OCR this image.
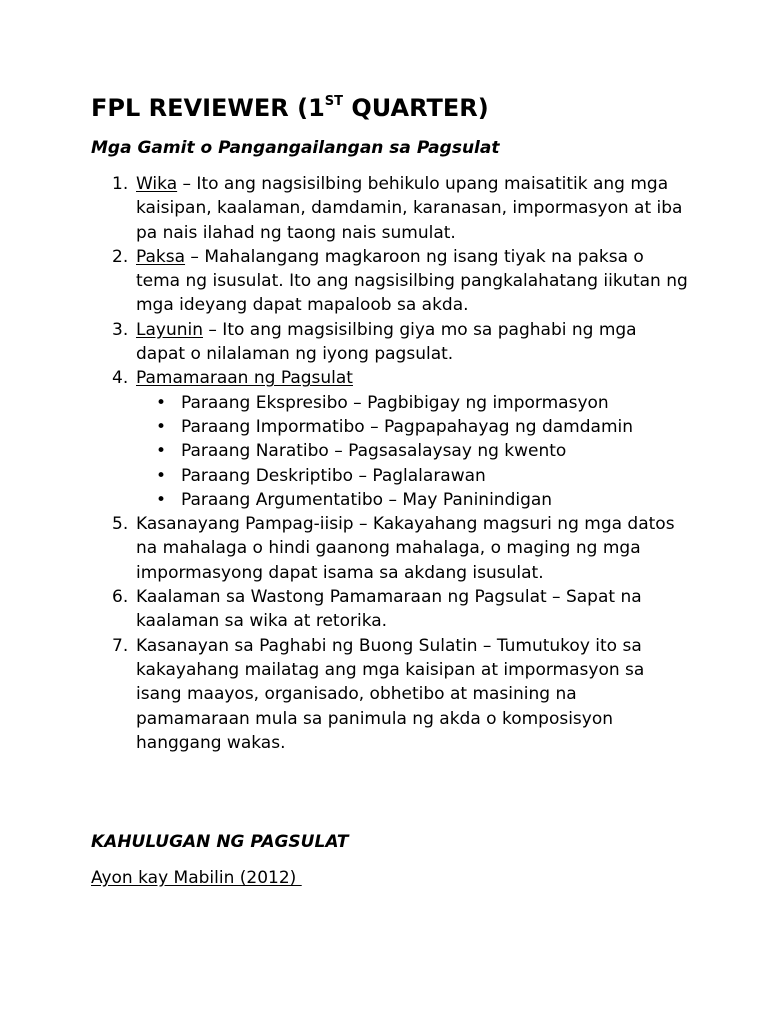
FPL REVIEWER (1ST QUARTER)
Mga Gamit o Pangangailangan sa Pagsulat
1. Wika – Ito ang nagsisilbing behikulo upang maisatitik ang mga kaisipan, kaalaman, damdamin, karanasan, impormasyon at iba pa nais ilahad ng taong nais sumulat.
2. Paksa – Mahalangang magkaroon ng isang tiyak na paksa o tema ng isusulat. Ito ang nagsisilbing pangkalahatang iikutan ng mga ideyang dapat mapaloob sa akda.
3. Layunin – Ito ang magsisilbing giya mo sa paghabi ng mga dapat o nilalaman ng iyong pagsulat.
4. Pamamaraan ng Pagsulat
• Paraang Ekspresibo – Pagbibigay ng impormasyon
• Paraang Impormatibo – Pagpapahayag ng damdamin
• Paraang Naratibo – Pagsasalaysay ng kwento
• Paraang Deskriptibo – Paglalarawan
• Paraang Argumentatibo – May Paninindigan
5. Kasanayang Pampag-iisip – Kakayahang magsuri ng mga datos na mahalaga o hindi gaanong mahalaga, o maging ng mga impormasyong dapat isama sa akdang isusulat.
6. Kaalaman sa Wastong Pamamaraan ng Pagsulat – Sapat na kaalaman sa wika at retorika.
7. Kasanayan sa Paghabi ng Buong Sulatin – Tumutukoy ito sa kakayahang mailatag ang mga kaisipan at impormasyon sa isang maayos, organisado, obhetibo at masining na pamamaraan mula sa panimula ng akda o komposisyon hanggang wakas.
KAHULUGAN NG PAGSULAT
Ayon kay Mabilin (2012)
